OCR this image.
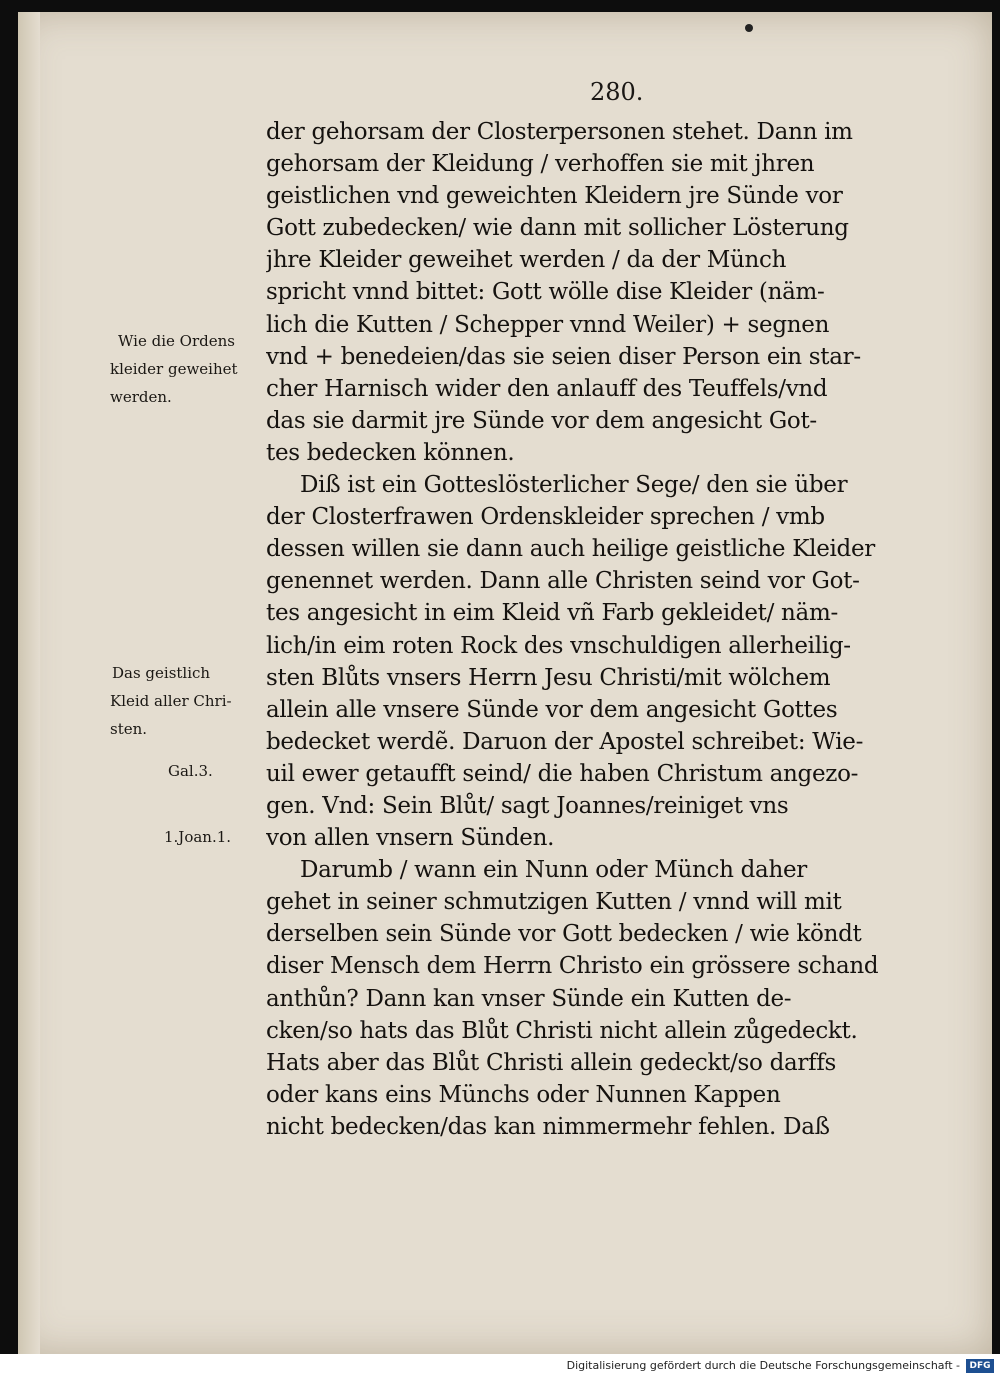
280.
der gehorsam der Closterpersonen stehet. Dann im
gehorsam der Kleidung / verhoffen sie mit jhren
geistlichen vnd geweichten Kleidern jre Sünde vor
Gott zubedecken/ wie dann mit sollicher Lösterung
jhre Kleider geweihet werden / da der Münch
spricht vnnd bittet: Gott wölle dise Kleider (näm-
lich die Kutten / Schepper vnnd Weiler) + segnen
vnd + benedeien/das sie seien diser Person ein star-
cher Harnisch wider den anlauff des Teuffels/vnd
das sie darmit jre Sünde vor dem angesicht Got-
tes bedecken können.
Diß ist ein Gotteslösterlicher Sege/ den sie über
der Closterfrawen Ordenskleider sprechen / vmb
dessen willen sie dann auch heilige geistliche Kleider
genennet werden. Dann alle Christen seind vor Got-
tes angesicht in eim Kleid vñ Farb gekleidet/ näm-
lich/in eim roten Rock des vnschuldigen allerheilig-
sten Blůts vnsers Herrn Jesu Christi/mit wölchem
allein alle vnsere Sünde vor dem angesicht Gottes
bedecket werdẽ. Daruon der Apostel schreibet: Wie-
uil ewer getaufft seind/ die haben Christum angezo-
gen. Vnd: Sein Blůt/ sagt Joannes/reiniget vns
von allen vnsern Sünden.
Darumb / wann ein Nunn oder Münch daher
gehet in seiner schmutzigen Kutten / vnnd will mit
derselben sein Sünde vor Gott bedecken / wie köndt
diser Mensch dem Herrn Christo ein grössere schand
anthůn? Dann kan vnser Sünde ein Kutten de-
cken/so hats das Blůt Christi nicht allein zůgedeckt.
Hats aber das Blůt Christi allein gedeckt/so darffs
oder kans eins Münchs oder Nunnen Kappen
nicht bedecken/das kan nimmermehr fehlen. Daß
Wie die Ordens
kleider geweihet
werden.
Das geistlich
Kleid aller Chri-
sten.
Gal.3.
1.Joan.1.
Digitalisierung gefördert durch die Deutsche Forschungsgemeinschaft -	DFG
